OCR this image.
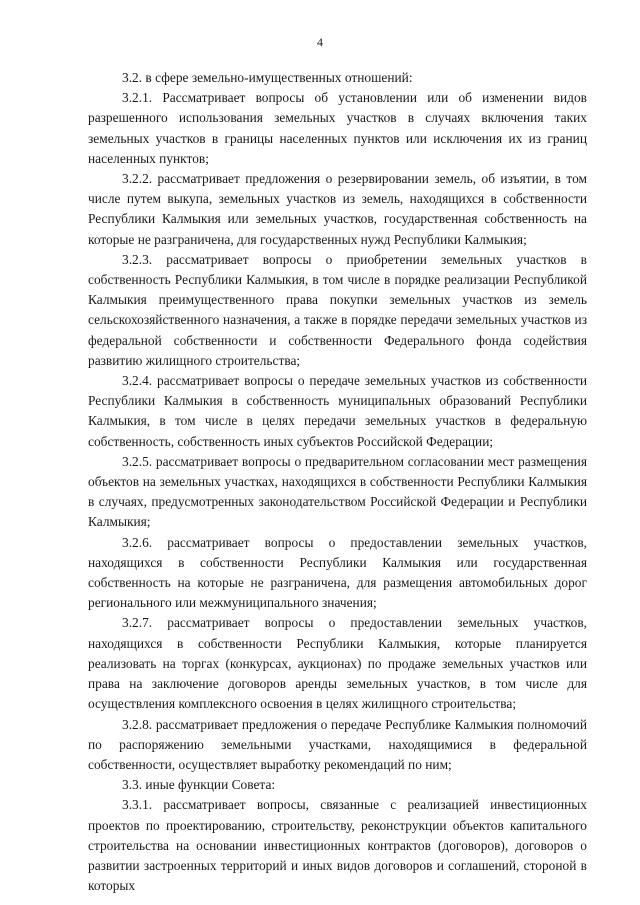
4

3.2. в сфере земельно-имущественных отношений:

3.2.1. Рассматривает вопросы об установлении или об изменении видов разрешенного использования земельных участков в случаях включения таких земельных участков в границы населенных пунктов или исключения их из границ населенных пунктов;

3.2.2. рассматривает предложения о резервировании земель, об изъятии, в том числе путем выкупа, земельных участков из земель, находящихся в собственности Республики Калмыкия или земельных участков, государственная собственность на которые не разграничена, для государственных нужд Республики Калмыкия;

3.2.3. рассматривает вопросы о приобретении земельных участков в собственность Республики Калмыкия, в том числе в порядке реализации Республикой Калмыкия преимущественного права покупки земельных участков из земель сельскохозяйственного назначения, а также в порядке передачи земельных участков из федеральной собственности и собственности Федерального фонда содействия развитию жилищного строительства;

3.2.4. рассматривает вопросы о передаче земельных участков из собственности Республики Калмыкия в собственность муниципальных образований Республики Калмыкия, в том числе в целях передачи земельных участков в федеральную собственность, собственность иных субъектов Российской Федерации;

3.2.5. рассматривает вопросы о предварительном согласовании мест размещения объектов на земельных участках, находящихся в собственности Республики Калмыкия в случаях, предусмотренных законодательством Российской Федерации и Республики Калмыкия;

3.2.6. рассматривает вопросы о предоставлении земельных участков, находящихся в собственности Республики Калмыкия или государственная собственность на которые не разграничена, для размещения автомобильных дорог регионального или межмуниципального значения;

3.2.7. рассматривает вопросы о предоставлении земельных участков, находящихся в собственности Республики Калмыкия, которые планируется реализовать на торгах (конкурсах, аукционах) по продаже земельных участков или права на заключение договоров аренды земельных участков, в том числе для осуществления комплексного освоения в целях жилищного строительства;

3.2.8. рассматривает предложения о передаче Республике Калмыкия полномочий по распоряжению земельными участками, находящимися в федеральной собственности, осуществляет выработку рекомендаций по ним;

3.3. иные функции Совета:

3.3.1. рассматривает вопросы, связанные с реализацией инвестиционных проектов по проектированию, строительству, реконструкции объектов капитального строительства на основании инвестиционных контрактов (договоров), договоров о развитии застроенных территорий и иных видов договоров и соглашений, стороной в которых
